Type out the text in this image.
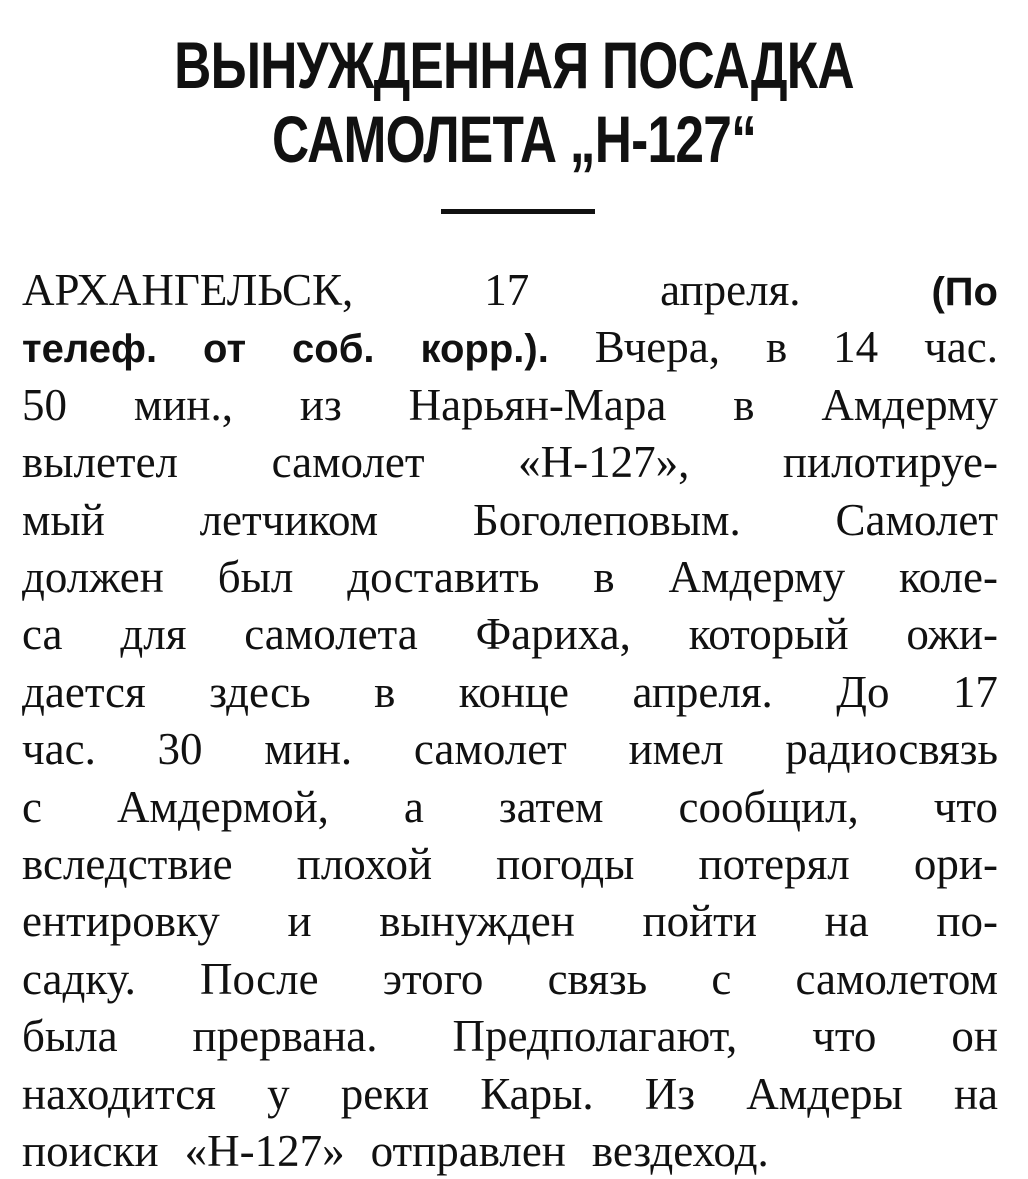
ВЫНУЖДЕННАЯ ПОСАДКА
САМОЛЕТА „Н-127“
АРХАНГЕЛЬСК,	17	апреля.	(По
телеф. от соб. корр.). Вчера, в 14 час.
50 мин., из Нарьян-Мара в Амдерму
вылетел самолет «Н-127», пилотируе-
мый летчиком Боголеповым. Самолет
должен был доставить в Амдерму коле-
са для самолета Фариха, который ожи-
дается здесь в конце апреля. До 17
час. 30 мин. самолет имел радиосвязь
с Амдермой, а затем сообщил, что
вследствие плохой погоды потерял ори-
ентировку и вынужден пойти на по-
садку. После этого связь с самолетом
была прервана. Предполагают, что он
находится у реки Кары. Из Амдеры на
поиски «Н-127» отправлен вездеход.
